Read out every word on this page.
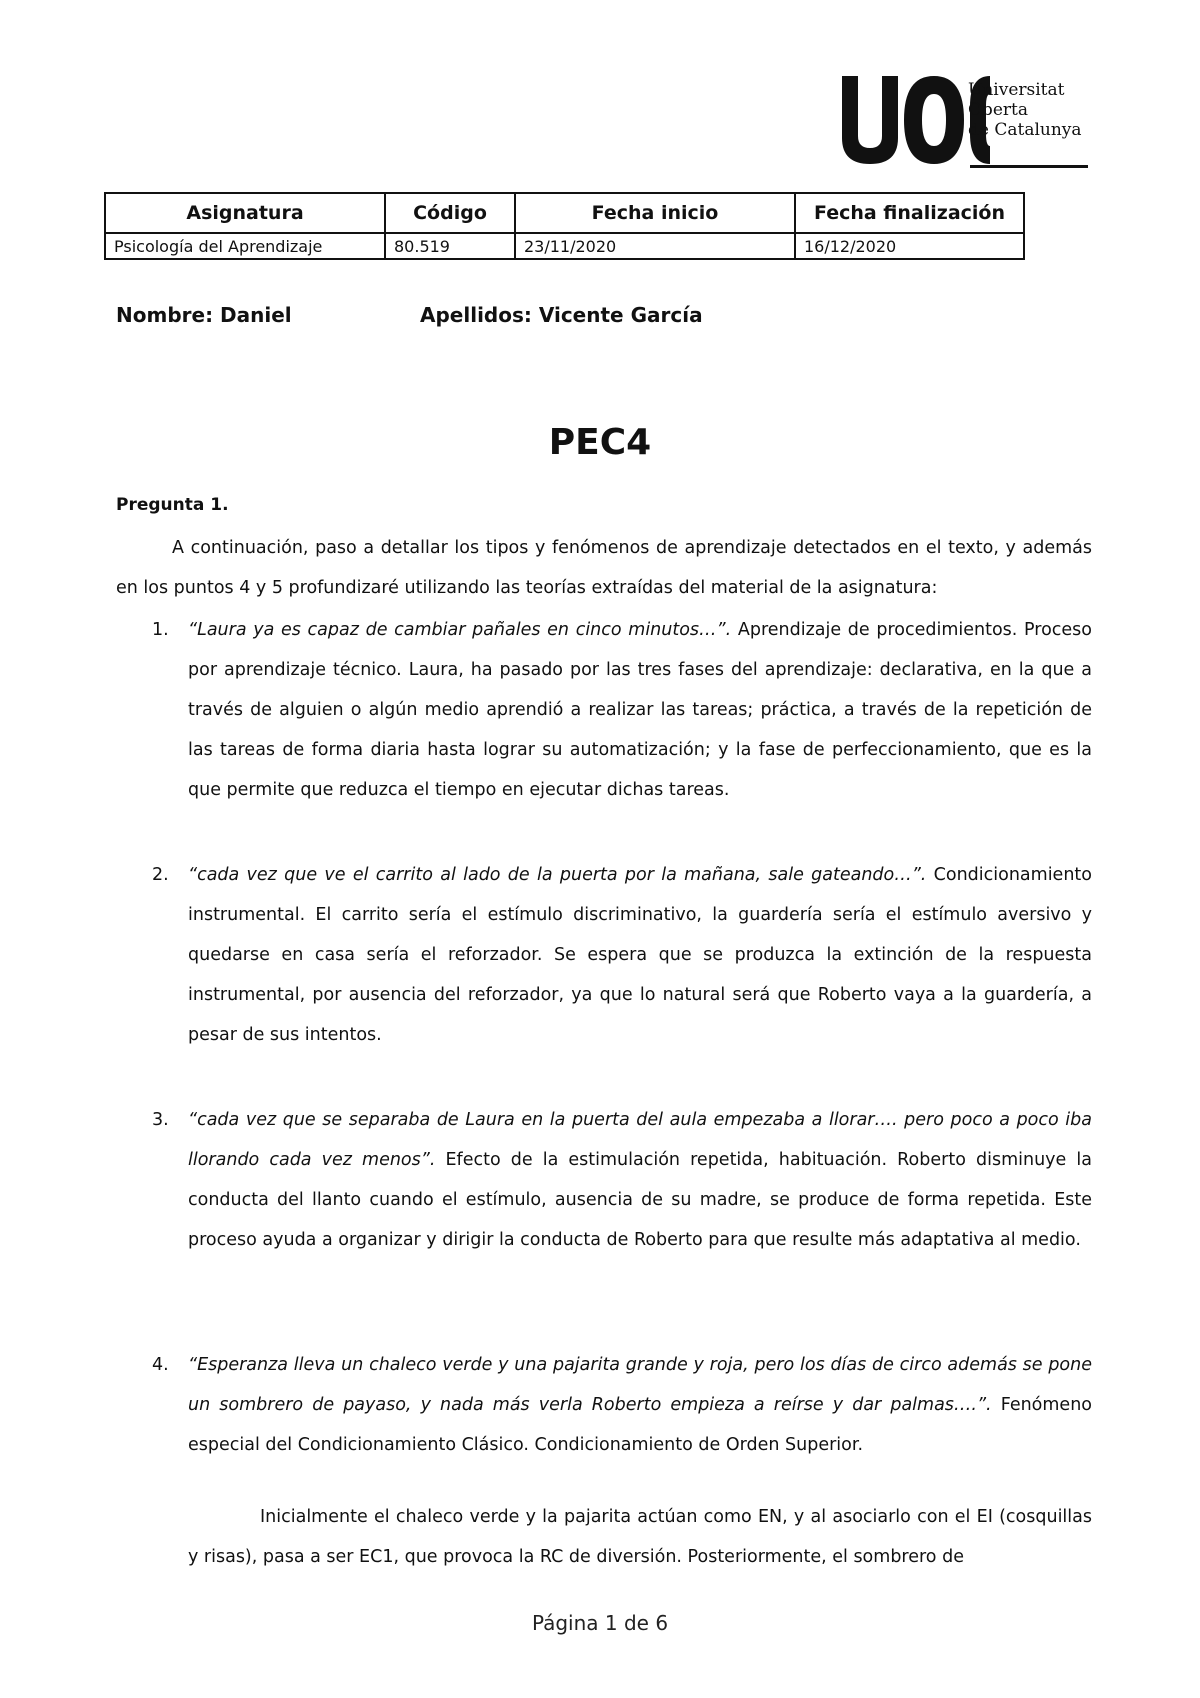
Universitat
Oberta
de Catalunya
Asignatura	Código	Fecha inicio	Fecha finalización
Psicología del Aprendizaje	80.519	23/11/2020	16/12/2020
Nombre: Daniel	Apellidos: Vicente García
PEC4
Pregunta 1.
A continuación, paso a detallar los tipos y fenómenos de aprendizaje detectados en el texto, y además en los puntos 4 y 5 profundizaré utilizando las teorías extraídas del material de la asignatura:
1. “Laura ya es capaz de cambiar pañales en cinco minutos…”. Aprendizaje de procedimientos. Proceso por aprendizaje técnico. Laura, ha pasado por las tres fases del aprendizaje: declarativa, en la que a través de alguien o algún medio aprendió a realizar las tareas; práctica, a través de la repetición de las tareas de forma diaria hasta lograr su automatización; y la fase de perfeccionamiento, que es la que permite que reduzca el tiempo en ejecutar dichas tareas.
2. “cada vez que ve el carrito al lado de la puerta por la mañana, sale gateando…”. Condicionamiento instrumental. El carrito sería el estímulo discriminativo, la guardería sería el estímulo aversivo y quedarse en casa sería el reforzador. Se espera que se produzca la extinción de la respuesta instrumental, por ausencia del reforzador, ya que lo natural será que Roberto vaya a la guardería, a pesar de sus intentos.
3. “cada vez que se separaba de Laura en la puerta del aula empezaba a llorar…. pero poco a poco iba llorando cada vez menos”. Efecto de la estimulación repetida, habituación. Roberto disminuye la conducta del llanto cuando el estímulo, ausencia de su madre, se produce de forma repetida. Este proceso ayuda a organizar y dirigir la conducta de Roberto para que resulte más adaptativa al medio.
4. “Esperanza lleva un chaleco verde y una pajarita grande y roja, pero los días de circo además se pone un sombrero de payaso, y nada más verla Roberto empieza a reírse y dar palmas….”. Fenómeno especial del Condicionamiento Clásico. Condicionamiento de Orden Superior.
Inicialmente el chaleco verde y la pajarita actúan como EN, y al asociarlo con el EI (cosquillas y risas), pasa a ser EC1, que provoca la RC de diversión. Posteriormente, el sombrero de
Página 1 de 6
